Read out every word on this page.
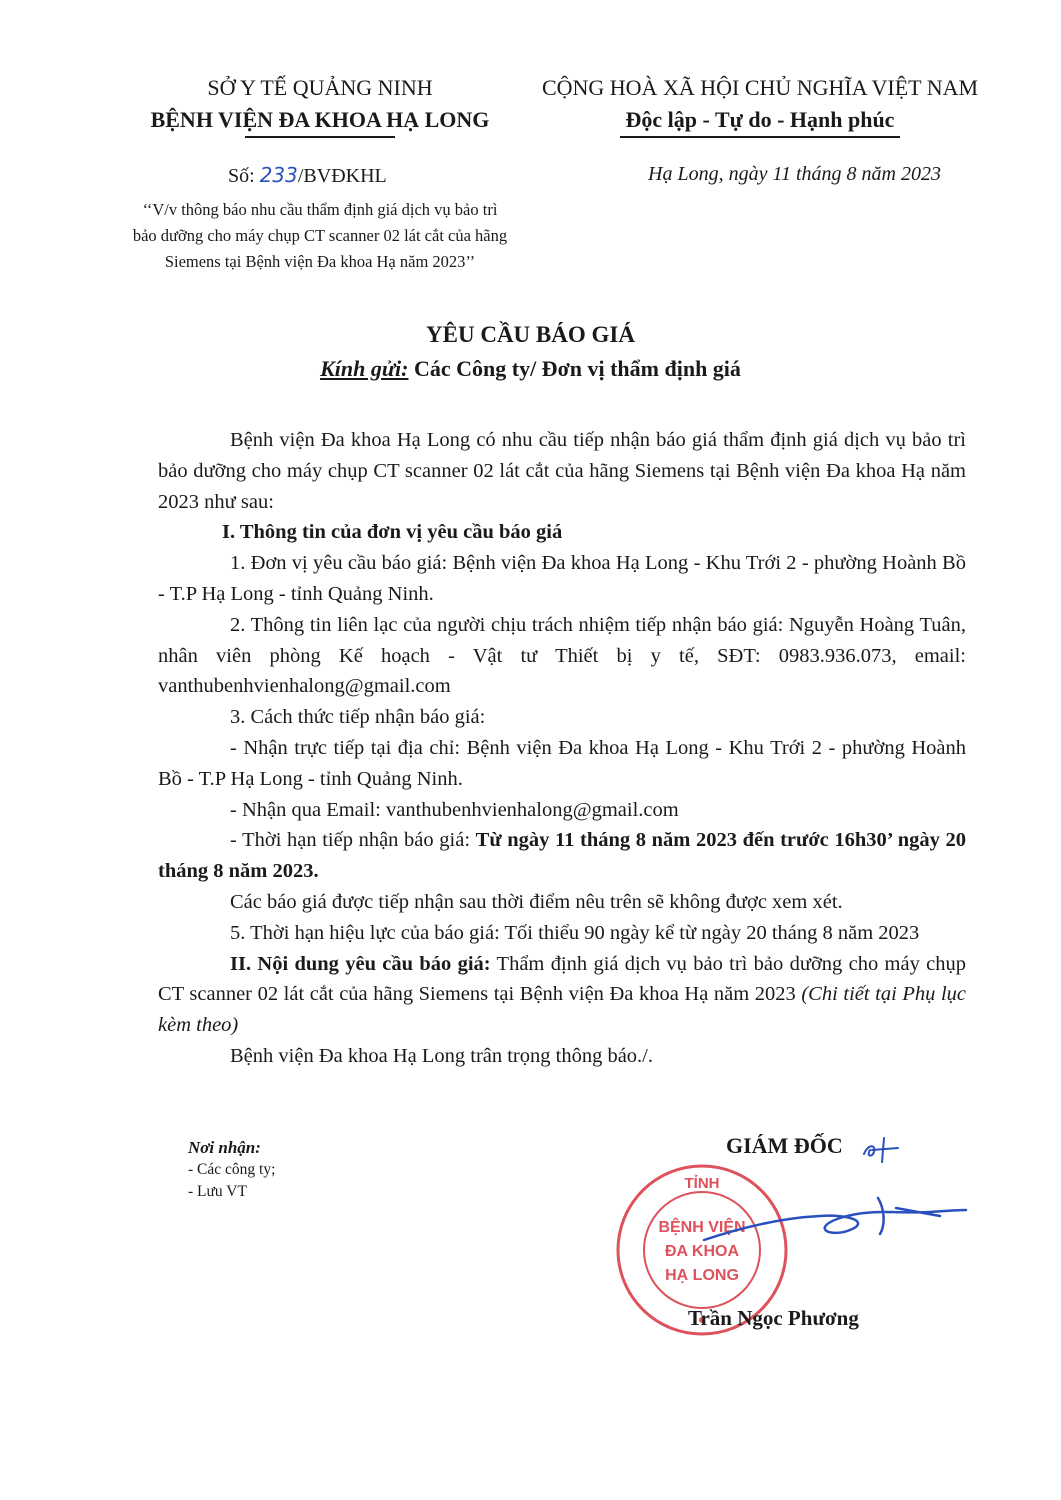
SỞ Y TẾ QUẢNG NINH
BỆNH VIỆN ĐA KHOA HẠ LONG
CỘNG HOÀ XÃ HỘI CHỦ NGHĨA VIỆT NAM
Độc lập - Tự do - Hạnh phúc
Số: 233/BVĐKHL	Hạ Long, ngày 11 tháng 8 năm 2023
‘‘V/v thông báo nhu cầu thẩm định giá dịch vụ bảo trì bảo dưỡng cho máy chụp CT scanner 02 lát cắt của hãng Siemens tại Bệnh viện Đa khoa Hạ năm 2023’’
YÊU CẦU BÁO GIÁ
Kính gửi: Các Công ty/ Đơn vị thẩm định giá

Bệnh viện Đa khoa Hạ Long có nhu cầu tiếp nhận báo giá thẩm định giá dịch vụ bảo trì bảo dưỡng cho máy chụp CT scanner 02 lát cắt của hãng Siemens tại Bệnh viện Đa khoa Hạ năm 2023 như sau:

I. Thông tin của đơn vị yêu cầu báo giá

1. Đơn vị yêu cầu báo giá: Bệnh viện Đa khoa Hạ Long - Khu Trới 2 - phường Hoành Bồ - T.P Hạ Long - tỉnh Quảng Ninh.

2. Thông tin liên lạc của người chịu trách nhiệm tiếp nhận báo giá: Nguyễn Hoàng Tuân, nhân viên phòng Kế hoạch - Vật tư Thiết bị y tế, SĐT: 0983.936.073, email: vanthubenhvienhalong@gmail.com

3. Cách thức tiếp nhận báo giá:

- Nhận trực tiếp tại địa chỉ: Bệnh viện Đa khoa Hạ Long - Khu Trới 2 - phường Hoành Bồ - T.P Hạ Long - tỉnh Quảng Ninh.

- Nhận qua Email: vanthubenhvienhalong@gmail.com

- Thời hạn tiếp nhận báo giá: Từ ngày 11 tháng 8 năm 2023 đến trước 16h30’ ngày 20 tháng 8 năm 2023.

Các báo giá được tiếp nhận sau thời điểm nêu trên sẽ không được xem xét.

5. Thời hạn hiệu lực của báo giá: Tối thiểu 90 ngày kể từ ngày 20 tháng 8 năm 2023

II. Nội dung yêu cầu báo giá: Thẩm định giá dịch vụ bảo trì bảo dưỡng cho máy chụp CT scanner 02 lát cắt của hãng Siemens tại Bệnh viện Đa khoa Hạ năm 2023 (Chi tiết tại Phụ lục kèm theo)

Bệnh viện Đa khoa Hạ Long trân trọng thông báo./.

Nơi nhận:
- Các công ty;
- Lưu VT
GIÁM ĐỐC
TỈNH
BỆNH VIỆN
ĐA KHOA
HẠ LONG
Trần Ngọc Phương
